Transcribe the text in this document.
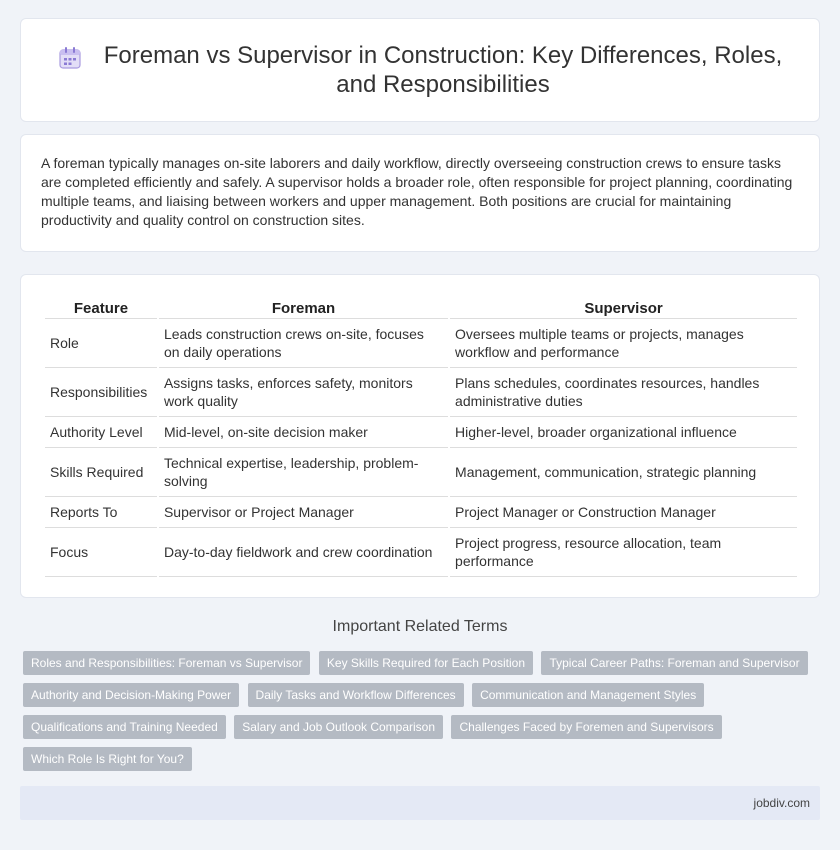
Foreman vs Supervisor in Construction: Key Differences, Roles, and Responsibilities

A foreman typically manages on-site laborers and daily workflow, directly overseeing construction crews to ensure tasks are completed efficiently and safely. A supervisor holds a broader role, often responsible for project planning, coordinating multiple teams, and liaising between workers and upper management. Both positions are crucial for maintaining productivity and quality control on construction sites.

Feature	Foreman	Supervisor
Role	Leads construction crews on-site, focuses on daily operations	Oversees multiple teams or projects, manages workflow and performance
Responsibilities	Assigns tasks, enforces safety, monitors work quality	Plans schedules, coordinates resources, handles administrative duties
Authority Level	Mid-level, on-site decision maker	Higher-level, broader organizational influence
Skills Required	Technical expertise, leadership, problem-solving	Management, communication, strategic planning
Reports To	Supervisor or Project Manager	Project Manager or Construction Manager
Focus	Day-to-day fieldwork and crew coordination	Project progress, resource allocation, team performance
Important Related Terms
Roles and Responsibilities: Foreman vs Supervisor Key Skills Required for Each Position Typical Career Paths: Foreman and Supervisor Authority and Decision-Making Power Daily Tasks and Workflow Differences Communication and Management Styles Qualifications and Training Needed Salary and Job Outlook Comparison Challenges Faced by Foremen and Supervisors Which Role Is Right for You?
jobdiv.com
